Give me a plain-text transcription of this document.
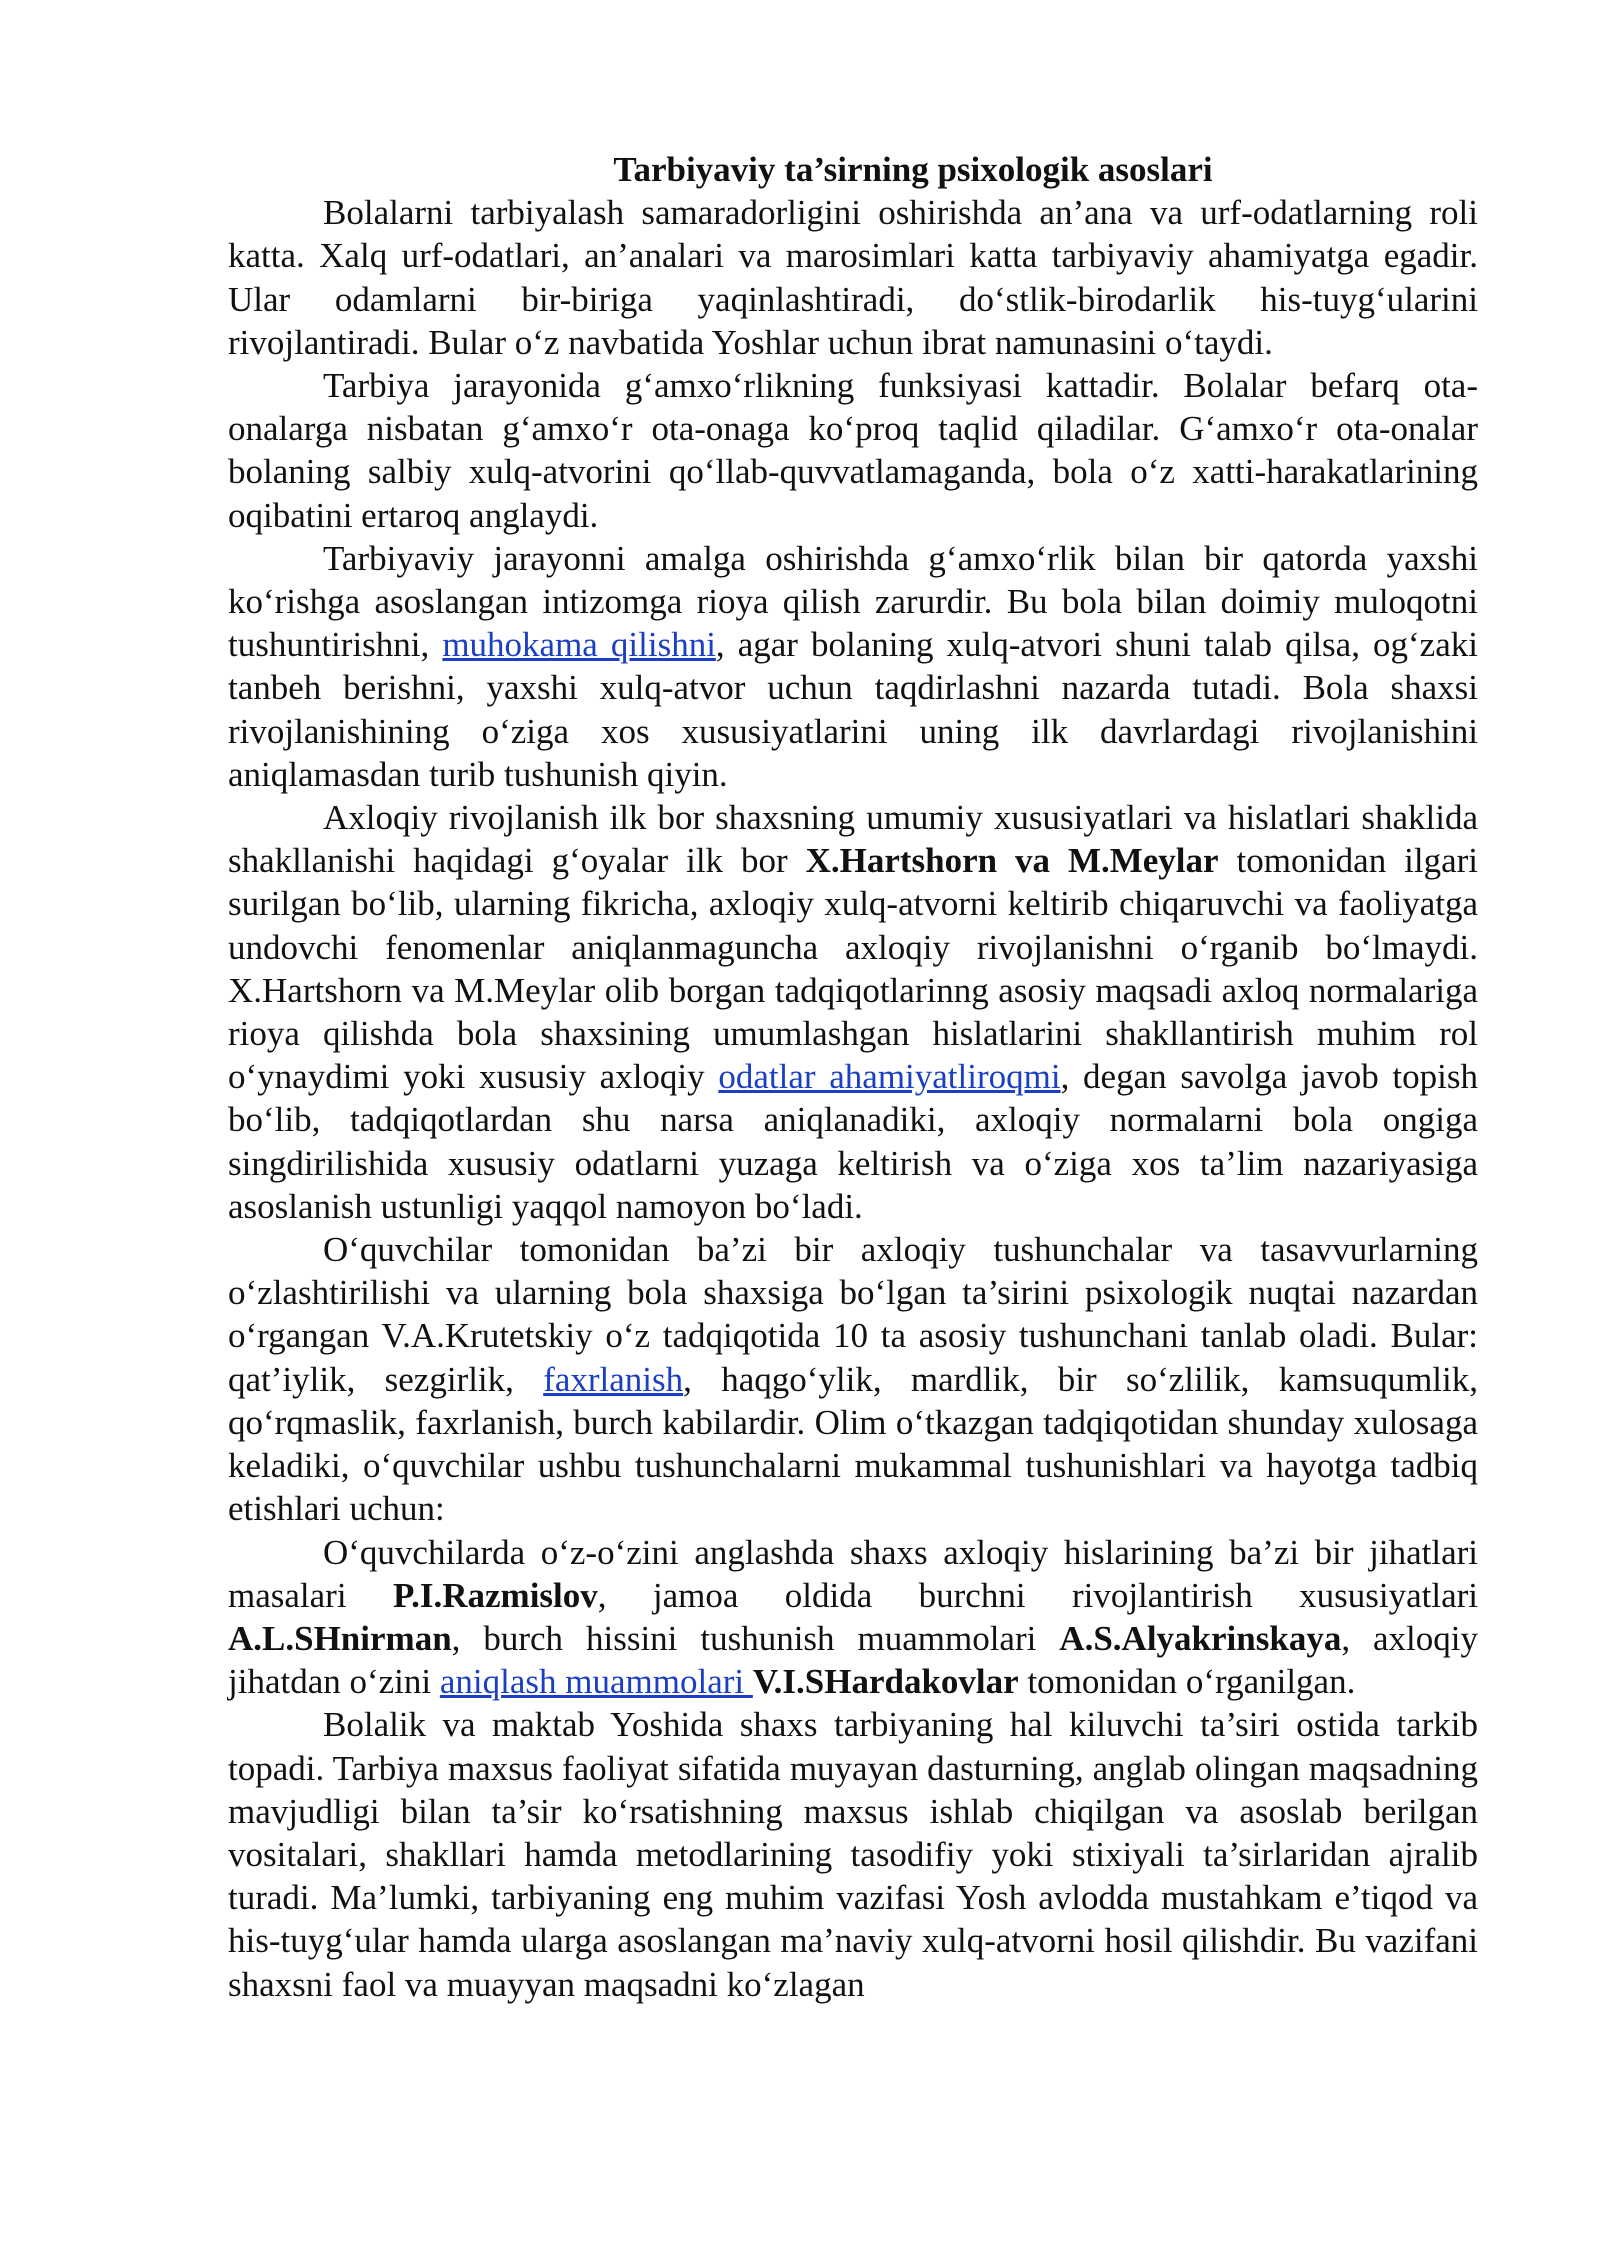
Tarbiyaviy ta’sirning psixologik asoslari

Bolalarni tarbiyalash samaradorligini oshirishda an’ana va urf-odatlarning roli katta. Xalq urf-odatlari, an’analari va marosimlari katta tarbiyaviy ahamiyatga egadir. Ular odamlarni bir-biriga yaqinlashtiradi, do‘stlik-birodarlik his-tuyg‘ularini rivojlantiradi. Bular o‘z navbatida Yoshlar uchun ibrat namunasini o‘taydi.

Tarbiya jarayonida g‘amxo‘rlikning funksiyasi kattadir. Bolalar befarq ota-onalarga nisbatan g‘amxo‘r ota-onaga ko‘proq taqlid qiladilar. G‘amxo‘r ota-onalar bolaning salbiy xulq-atvorini qo‘llab-quvvatlamaganda, bola o‘z xatti-harakatlarining oqibatini ertaroq anglaydi.

Tarbiyaviy jarayonni amalga oshirishda g‘amxo‘rlik bilan bir qatorda yaxshi ko‘rishga asoslangan intizomga rioya qilish zarurdir. Bu bola bilan doimiy muloqotni tushuntirishni, muhokama qilishni, agar bolaning xulq-atvori shuni talab qilsa, og‘zaki tanbeh berishni, yaxshi xulq-atvor uchun taqdirlashni nazarda tutadi. Bola shaxsi rivojlanishining o‘ziga xos xususiyatlarini uning ilk davrlardagi rivojlanishini aniqlamasdan turib tushunish qiyin.

Axloqiy rivojlanish ilk bor shaxsning umumiy xususiyatlari va hislatlari shaklida shakllanishi haqidagi g‘oyalar ilk bor X.Hartshorn va M.Meylar tomonidan ilgari surilgan bo‘lib, ularning fikricha, axloqiy xulq-atvorni keltirib chiqaruvchi va faoliyatga undovchi fenomenlar aniqlanmaguncha axloqiy rivojlanishni o‘rganib bo‘lmaydi. X.Hartshorn va M.Meylar olib borgan tadqiqotlarinng asosiy maqsadi axloq normalariga rioya qilishda bola shaxsining umumlashgan hislatlarini shakllantirish muhim rol o‘ynaydimi yoki xususiy axloqiy odatlar ahamiyatliroqmi, degan savolga javob topish bo‘lib, tadqiqotlardan shu narsa aniqlanadiki, axloqiy normalarni bola ongiga singdirilishida xususiy odatlarni yuzaga keltirish va o‘ziga xos ta’lim nazariyasiga asoslanish ustunligi yaqqol namoyon bo‘ladi.

O‘quvchilar tomonidan ba’zi bir axloqiy tushunchalar va tasavvurlarning o‘zlashtirilishi va ularning bola shaxsiga bo‘lgan ta’sirini psixologik nuqtai nazardan o‘rgangan V.A.Krutetskiy o‘z tadqiqotida 10 ta asosiy tushunchani tanlab oladi. Bular: qat’iylik, sezgirlik, faxrlanish, haqgo‘ylik, mardlik, bir so‘zlilik, kamsuqumlik, qo‘rqmaslik, faxrlanish, burch kabilardir. Olim o‘tkazgan tadqiqotidan shunday xulosaga keladiki, o‘quvchilar ushbu tushunchalarni mukammal tushunishlari va hayotga tadbiq etishlari uchun:

O‘quvchilarda o‘z-o‘zini anglashda shaxs axloqiy hislarining ba’zi bir jihatlari masalari P.I.Razmislov, jamoa oldida burchni rivojlantirish xususiyatlari A.L.SHnirman, burch hissini tushunish muammolari A.S.Alyakrinskaya, axloqiy jihatdan o‘zini aniqlash muammolari V.I.SHardakovlar tomonidan o‘rganilgan.

Bolalik va maktab Yoshida shaxs tarbiyaning hal kiluvchi ta’siri ostida tarkib topadi. Tarbiya maxsus faoliyat sifatida muyayan dasturning, anglab olingan maqsadning mavjudligi bilan ta’sir ko‘rsatishning maxsus ishlab chiqilgan va asoslab berilgan vositalari, shakllari hamda metodlarining tasodifiy yoki stixiyali ta’sirlaridan ajralib turadi. Ma’lumki, tarbiyaning eng muhim vazifasi Yosh avlodda mustahkam e’tiqod va his-tuyg‘ular hamda ularga asoslangan ma’naviy xulq-atvorni hosil qilishdir. Bu vazifani shaxsni faol va muayyan maqsadni ko‘zlagan
